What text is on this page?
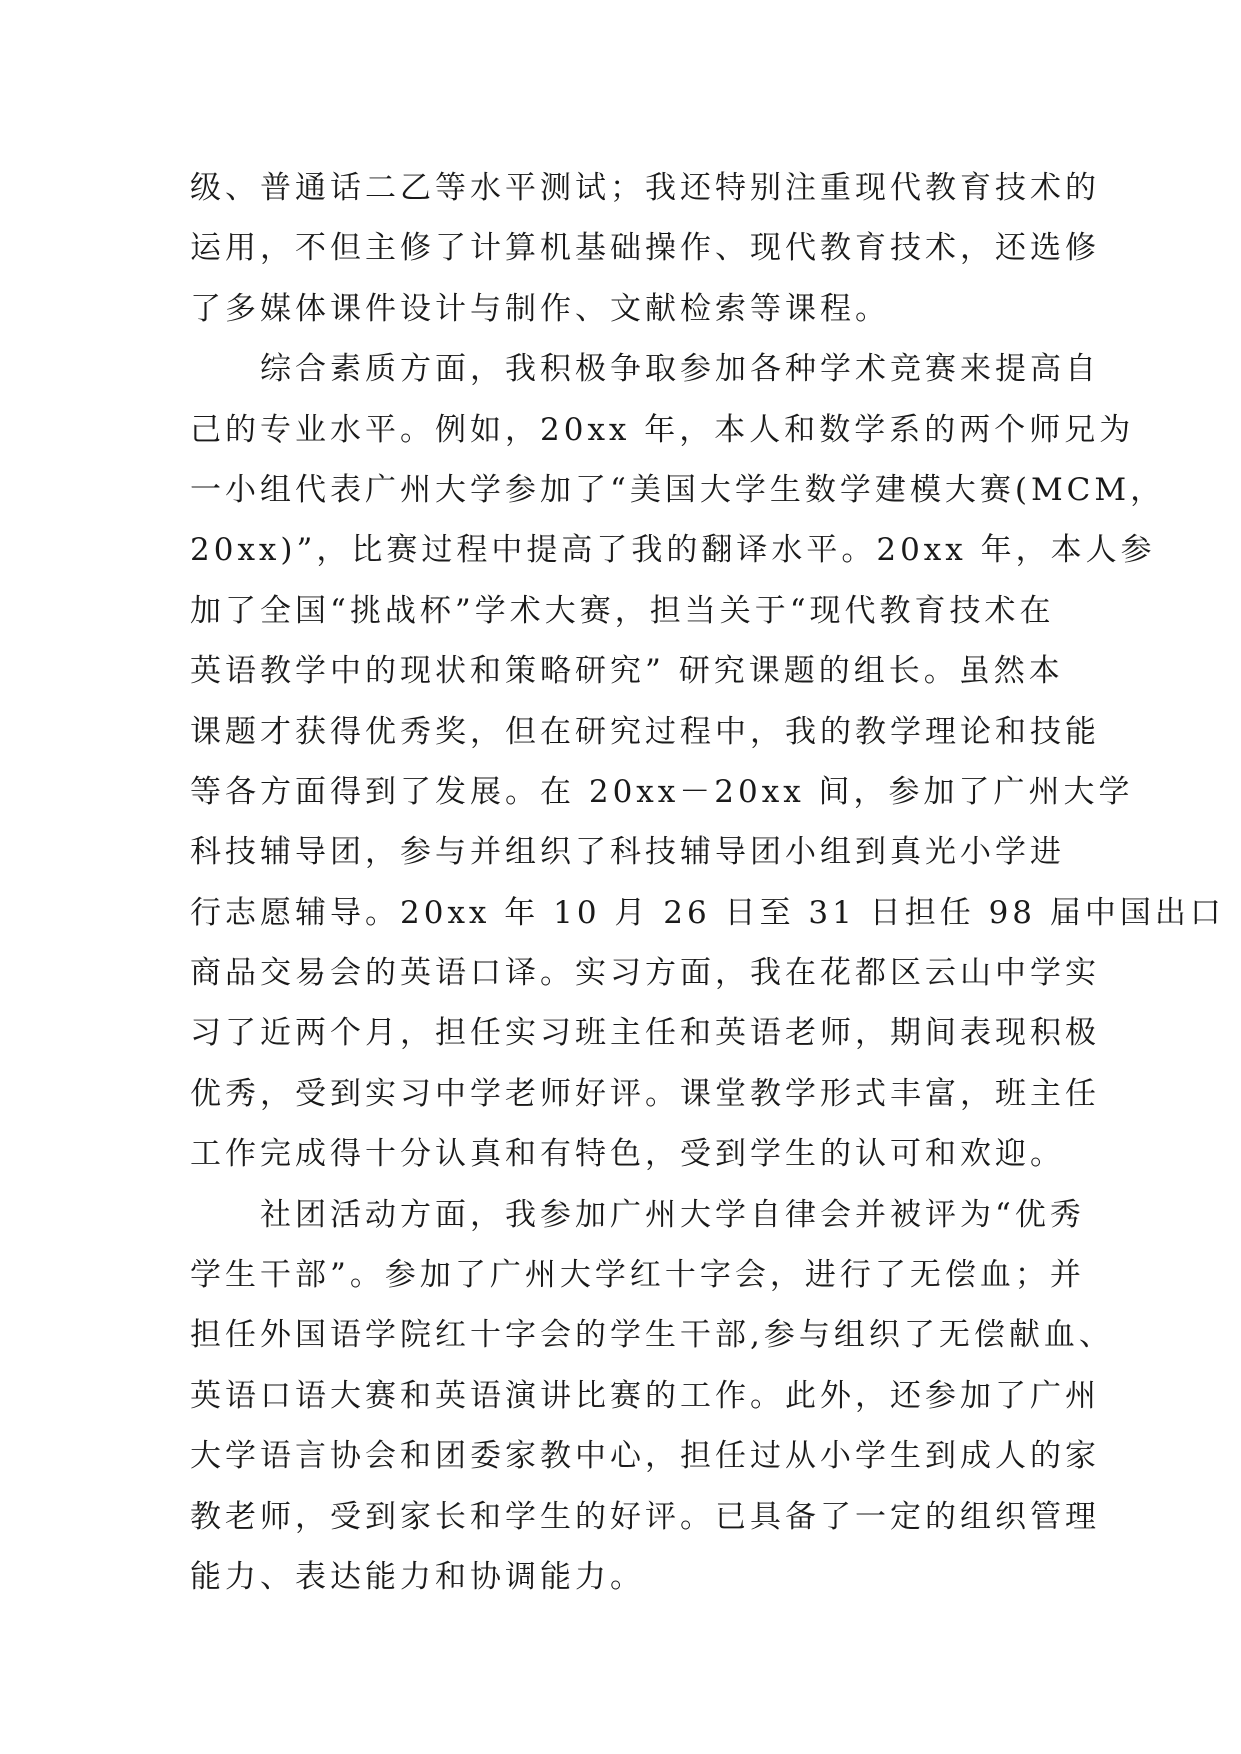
级、普通话二乙等水平测试；我还特别注重现代教育技术的
运用，不但主修了计算机基础操作、现代教育技术，还选修
了多媒体课件设计与制作、文献检索等课程。
　　综合素质方面，我积极争取参加各种学术竞赛来提高自
己的专业水平。例如，20xx 年，本人和数学系的两个师兄为
一小组代表广州大学参加了“美国大学生数学建模大赛(MCM，
20xx)”，比赛过程中提高了我的翻译水平。20xx 年，本人参
加了全国“挑战杯”学术大赛，担当关于“现代教育技术在
英语教学中的现状和策略研究” 研究课题的组长。虽然本
课题才获得优秀奖，但在研究过程中，我的教学理论和技能
等各方面得到了发展。在 20xx－20xx 间，参加了广州大学
科技辅导团，参与并组织了科技辅导团小组到真光小学进
行志愿辅导。20xx 年 10 月 26 日至 31 日担任 98 届中国出口
商品交易会的英语口译。实习方面，我在花都区云山中学实
习了近两个月，担任实习班主任和英语老师，期间表现积极
优秀，受到实习中学老师好评。课堂教学形式丰富，班主任
工作完成得十分认真和有特色，受到学生的认可和欢迎。
　　社团活动方面，我参加广州大学自律会并被评为“优秀
学生干部”。参加了广州大学红十字会，进行了无偿血；并
担任外国语学院红十字会的学生干部,参与组织了无偿献血、
英语口语大赛和英语演讲比赛的工作。此外，还参加了广州
大学语言协会和团委家教中心，担任过从小学生到成人的家
教老师，受到家长和学生的好评。已具备了一定的组织管理
能力、表达能力和协调能力。
